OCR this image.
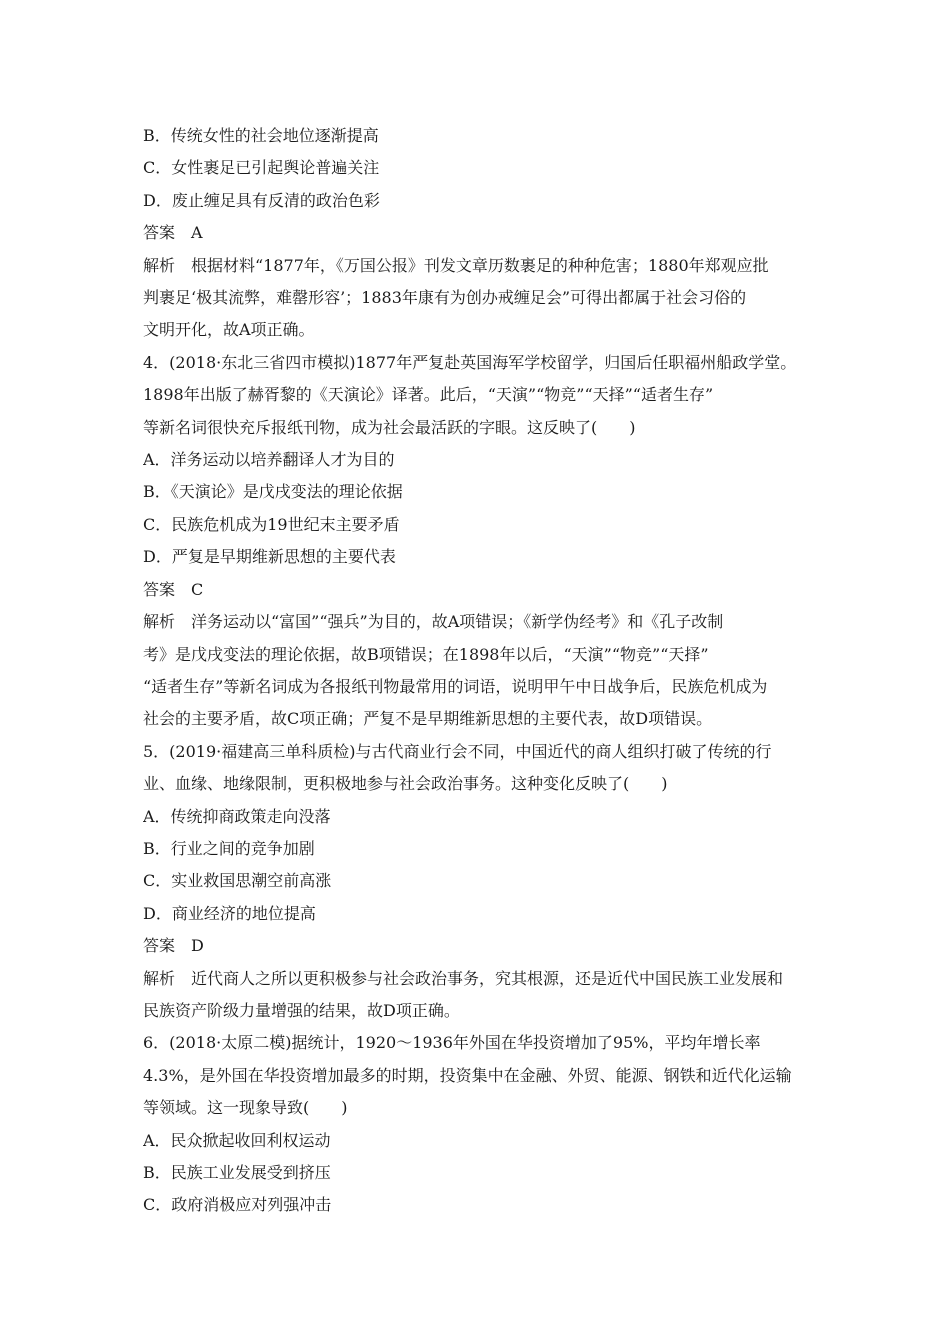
B．传统女性的社会地位逐渐提高
C．女性裹足已引起舆论普遍关注
D．废止缠足具有反清的政治色彩
答案　A
解析　根据材料“1877年，《万国公报》刊发文章历数裹足的种种危害；1880年郑观应批
判裹足‘极其流弊，难罄形容’；1883年康有为创办戒缠足会”可得出都属于社会习俗的
文明开化，故A项正确。
4．(2018·东北三省四市模拟)1877年严复赴英国海军学校留学，归国后任职福州船政学堂。
1898年出版了赫胥黎的《天演论》译著。此后，“天演”“物竞”“天择”“适者生存”
等新名词很快充斥报纸刊物，成为社会最活跃的字眼。这反映了(　　)
A．洋务运动以培养翻译人才为目的
B．《天演论》是戊戌变法的理论依据
C．民族危机成为19世纪末主要矛盾
D．严复是早期维新思想的主要代表
答案　C
解析　洋务运动以“富国”“强兵”为目的，故A项错误；《新学伪经考》和《孔子改制
考》是戊戌变法的理论依据，故B项错误；在1898年以后，“天演”“物竞”“天择”
“适者生存”等新名词成为各报纸刊物最常用的词语，说明甲午中日战争后，民族危机成为
社会的主要矛盾，故C项正确；严复不是早期维新思想的主要代表，故D项错误。
5．(2019·福建高三单科质检)与古代商业行会不同，中国近代的商人组织打破了传统的行
业、血缘、地缘限制，更积极地参与社会政治事务。这种变化反映了(　　)
A．传统抑商政策走向没落
B．行业之间的竞争加剧
C．实业救国思潮空前高涨
D．商业经济的地位提高
答案　D
解析　近代商人之所以更积极参与社会政治事务，究其根源，还是近代中国民族工业发展和
民族资产阶级力量增强的结果，故D项正确。
6．(2018·太原二模)据统计，1920～1936年外国在华投资增加了95%，平均年增长率
4.3%，是外国在华投资增加最多的时期，投资集中在金融、外贸、能源、钢铁和近代化运输
等领域。这一现象导致(　　)
A．民众掀起收回利权运动
B．民族工业发展受到挤压
C．政府消极应对列强冲击
